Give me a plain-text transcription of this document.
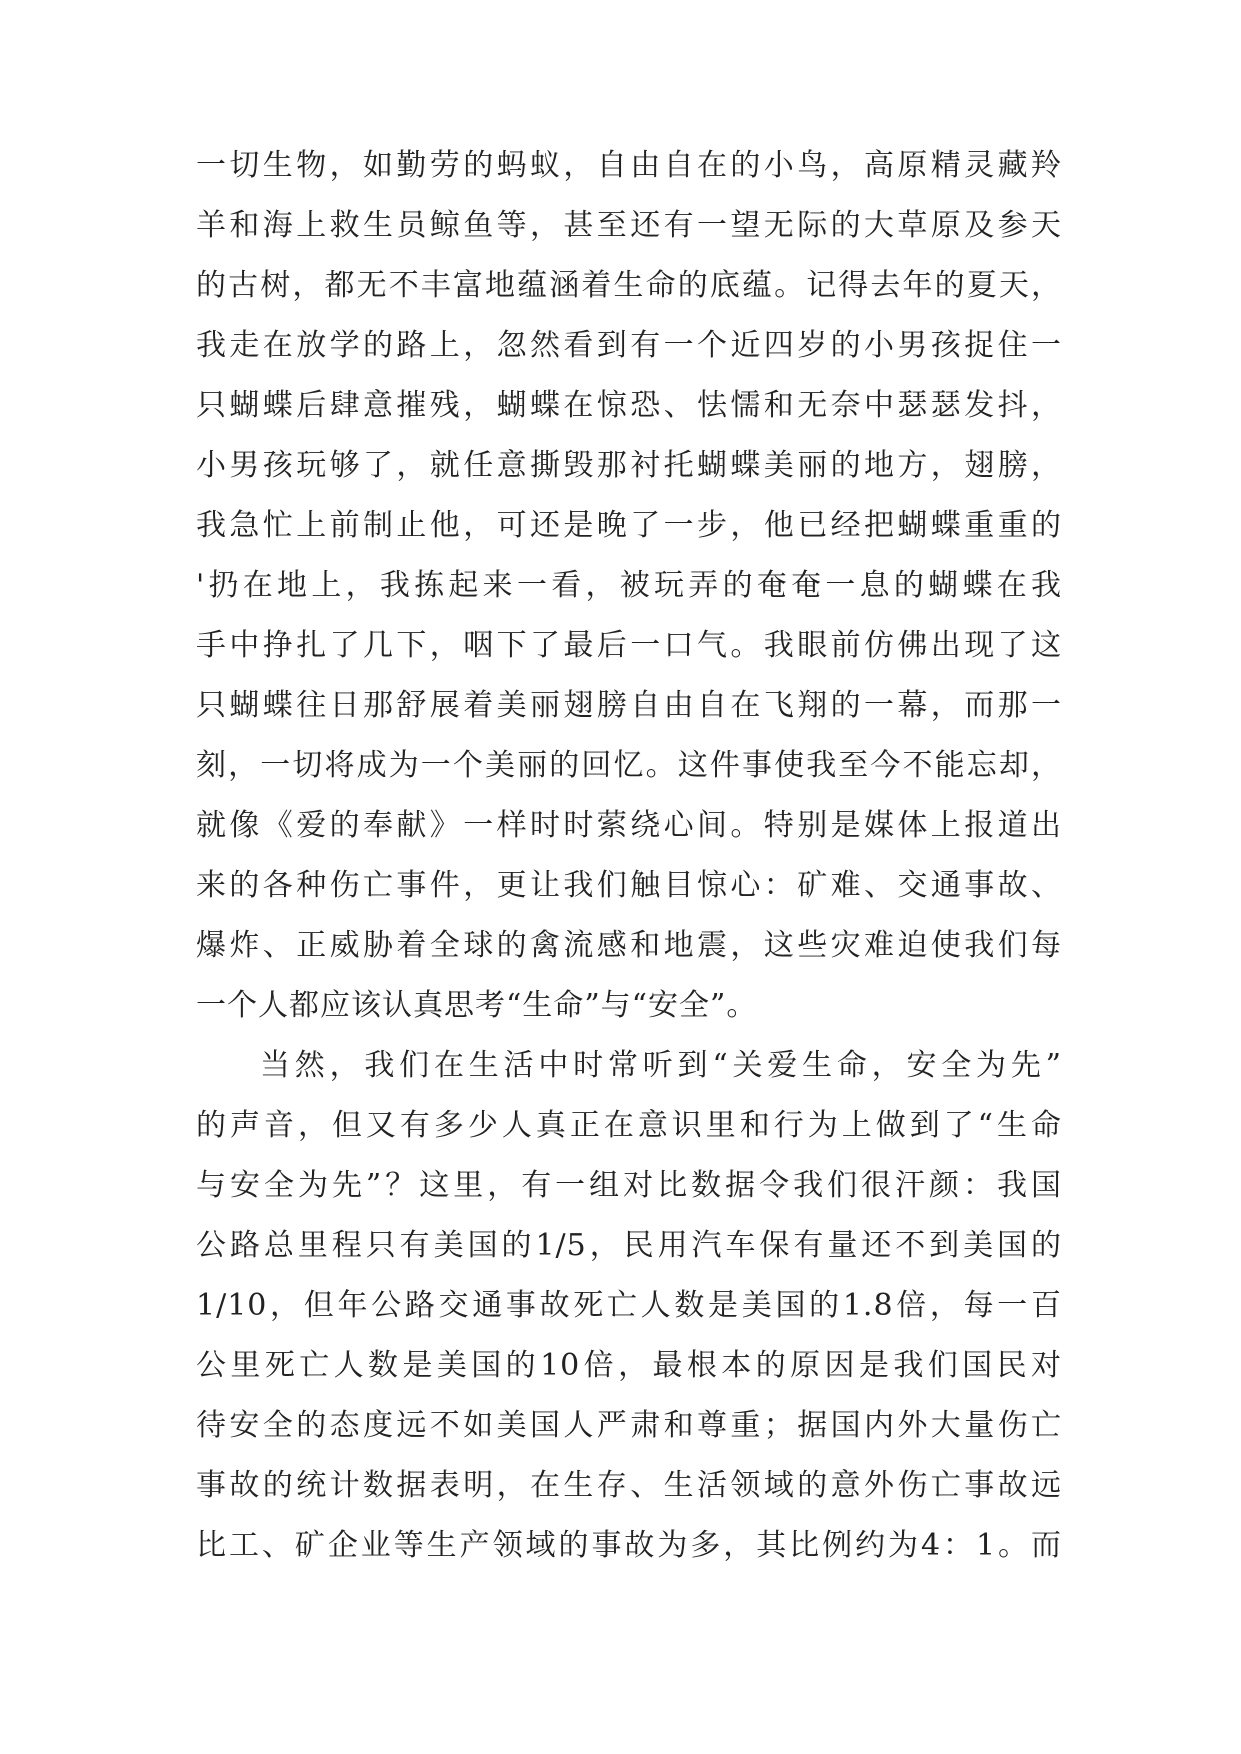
一切生物，如勤劳的蚂蚁，自由自在的小鸟，高原精灵藏羚
羊和海上救生员鲸鱼等，甚至还有一望无际的大草原及参天
的古树，都无不丰富地蕴涵着生命的底蕴。记得去年的夏天，
我走在放学的路上，忽然看到有一个近四岁的小男孩捉住一
只蝴蝶后肆意摧残，蝴蝶在惊恐、怯懦和无奈中瑟瑟发抖，
小男孩玩够了，就任意撕毁那衬托蝴蝶美丽的地方，翅膀，
我急忙上前制止他，可还是晚了一步，他已经把蝴蝶重重的
'扔在地上，我拣起来一看，被玩弄的奄奄一息的蝴蝶在我
手中挣扎了几下，咽下了最后一口气。我眼前仿佛出现了这
只蝴蝶往日那舒展着美丽翅膀自由自在飞翔的一幕，而那一
刻，一切将成为一个美丽的回忆。这件事使我至今不能忘却，
就像《爱的奉献》一样时时萦绕心间。特别是媒体上报道出
来的各种伤亡事件，更让我们触目惊心：矿难、交通事故、
爆炸、正威胁着全球的禽流感和地震，这些灾难迫使我们每
一个人都应该认真思考“生命”与“安全”。
当然，我们在生活中时常听到“关爱生命，安全为先”
的声音，但又有多少人真正在意识里和行为上做到了“生命
与安全为先”？这里，有一组对比数据令我们很汗颜：我国
公路总里程只有美国的1/5，民用汽车保有量还不到美国的
1/10，但年公路交通事故死亡人数是美国的1.8倍，每一百
公里死亡人数是美国的10倍，最根本的原因是我们国民对
待安全的态度远不如美国人严肃和尊重；据国内外大量伤亡
事故的统计数据表明，在生存、生活领域的意外伤亡事故远
比工、矿企业等生产领域的事故为多，其比例约为4：1。而
